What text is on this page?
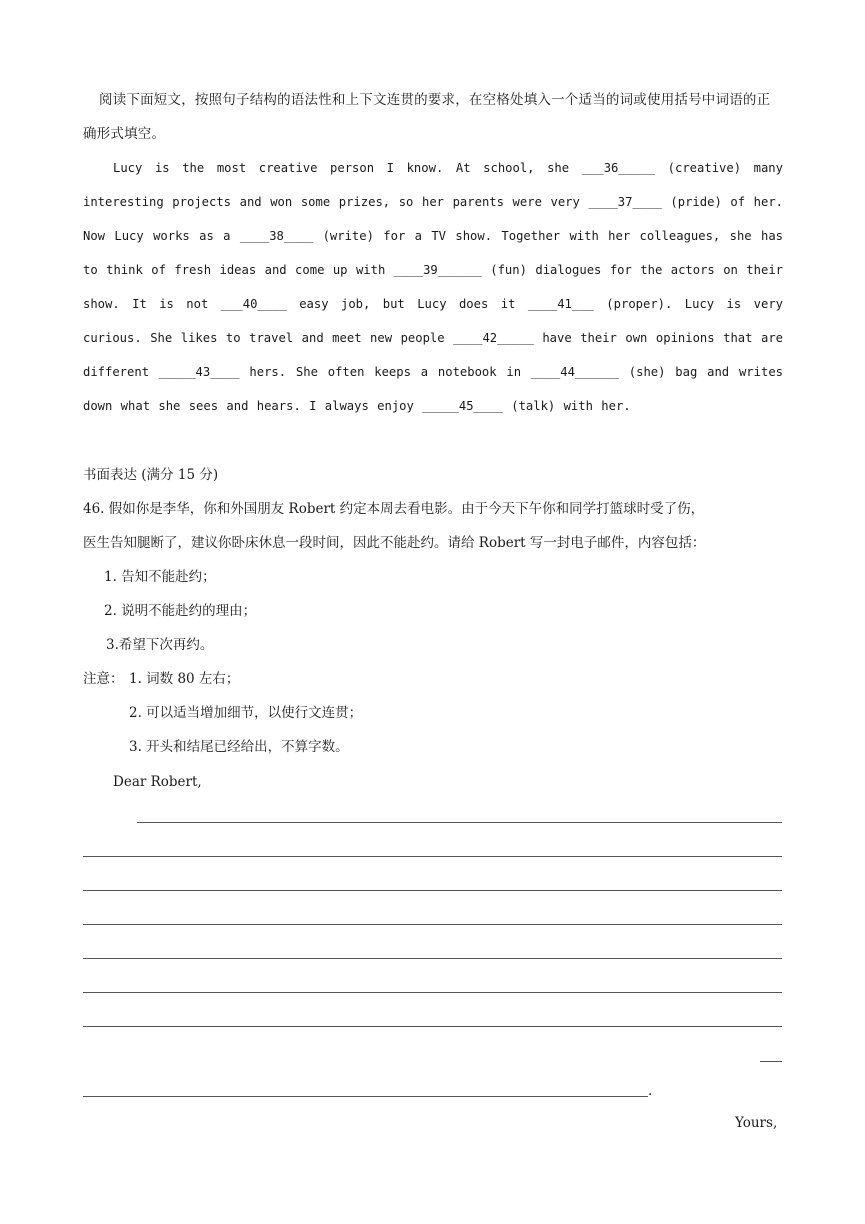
阅读下面短文，按照句子结构的语法性和上下文连贯的要求，在空格处填入一个适当的词或使用括号中词语的正确形式填空。

Lucy is the most creative person I know. At school, she ___36_____ (creative) many interesting projects and won some prizes, so her parents were very ____37____ (pride) of her. Now Lucy works as a ____38____ (write) for a TV show. Together with her colleagues, she has to think of fresh ideas and come up with ____39______ (fun) dialogues for the actors on their show. It is not ___40____ easy job, but Lucy does it ____41___ (proper). Lucy is very curious. She likes to travel and meet new people ____42_____ have their own opinions that are different _____43____ hers. She often keeps a notebook in ____44______ (she) bag and writes down what she sees and hears. I always enjoy _____45____ (talk) with her.

书面表达 (满分 15 分)
46. 假如你是李华，你和外国朋友 Robert 约定本周去看电影。由于今天下午你和同学打篮球时受了伤，
医生告知腿断了，建议你卧床休息一段时间，因此不能赴约。请给 Robert 写一封电子邮件，内容包括：
1. 告知不能赴约；
2. 说明不能赴约的理由；
3.希望下次再约。
注意： 1. 词数 80 左右；
2. 可以适当增加细节，以使行文连贯；
3. 开头和结尾已经给出，不算字数。
Dear Robert,
.
Yours,
